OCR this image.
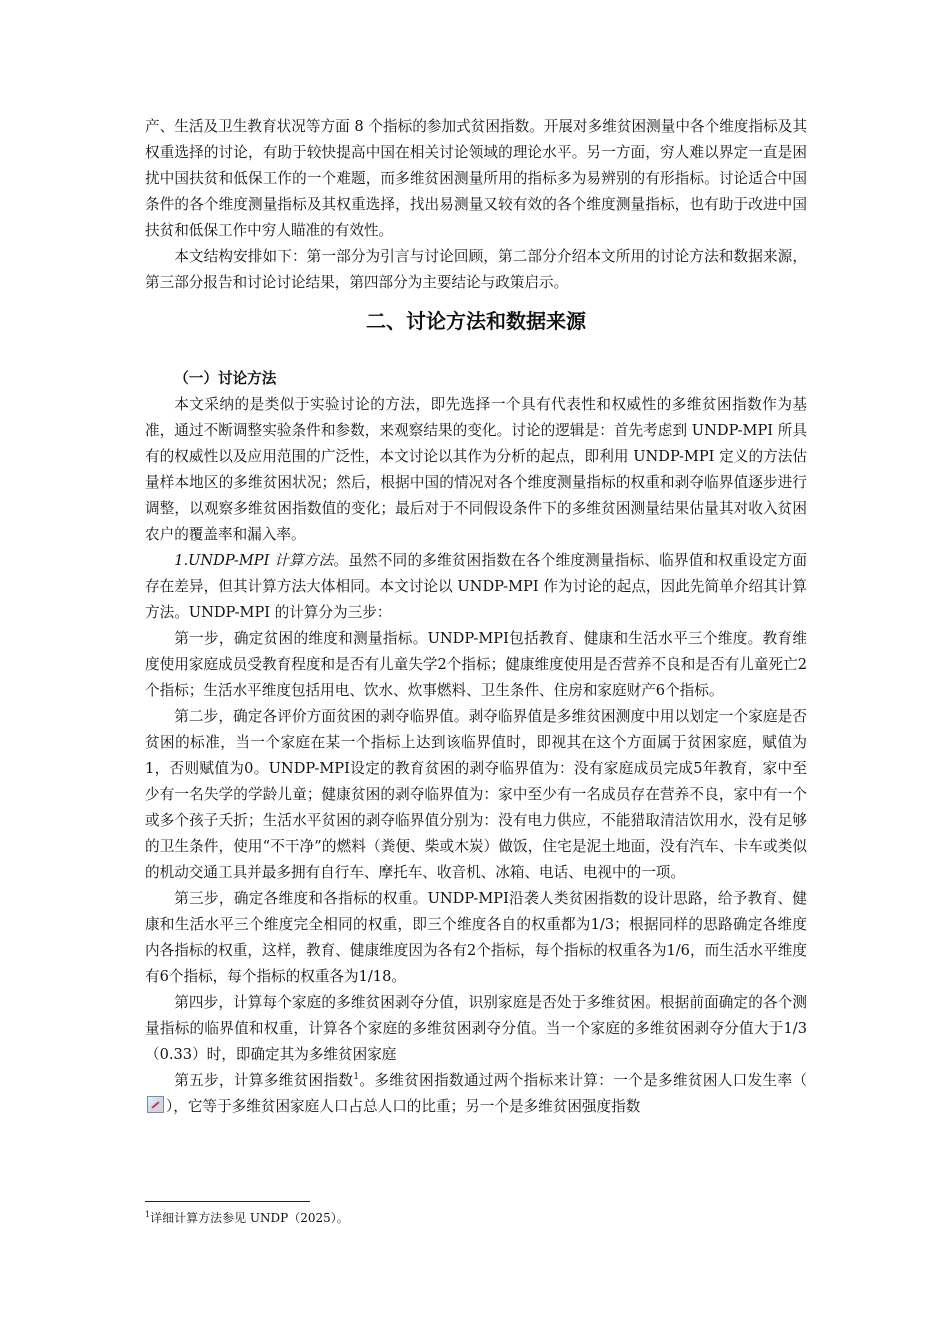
产、生活及卫生教育状况等方面 8 个指标的参加式贫困指数。开展对多维贫困测量中各个维度指标及其权重选择的讨论，有助于较快提高中国在相关讨论领域的理论水平。另一方面，穷人难以界定一直是困扰中国扶贫和低保工作的一个难题，而多维贫困测量所用的指标多为易辨别的有形指标。讨论适合中国条件的各个维度测量指标及其权重选择，找出易测量又较有效的各个维度测量指标，也有助于改进中国扶贫和低保工作中穷人瞄准的有效性。

本文结构安排如下：第一部分为引言与讨论回顾，第二部分介绍本文所用的讨论方法和数据来源，第三部分报告和讨论讨论结果，第四部分为主要结论与政策启示。

二、讨论方法和数据来源
（一）讨论方法

本文采纳的是类似于实验讨论的方法，即先选择一个具有代表性和权威性的多维贫困指数作为基准，通过不断调整实验条件和参数，来观察结果的变化。讨论的逻辑是：首先考虑到 UNDP-MPI 所具有的权威性以及应用范围的广泛性，本文讨论以其作为分析的起点，即利用 UNDP-MPI 定义的方法估量样本地区的多维贫困状况；然后，根据中国的情况对各个维度测量指标的权重和剥夺临界值逐步进行调整，以观察多维贫困指数值的变化；最后对于不同假设条件下的多维贫困测量结果估量其对收入贫困农户的覆盖率和漏入率。

1.UNDP-MPI 计算方法。虽然不同的多维贫困指数在各个维度测量指标、临界值和权重设定方面存在差异，但其计算方法大体相同。本文讨论以 UNDP-MPI 作为讨论的起点，因此先简单介绍其计算方法。UNDP-MPI 的计算分为三步：

第一步，确定贫困的维度和测量指标。UNDP-MPI包括教育、健康和生活水平三个维度。教育维度使用家庭成员受教育程度和是否有儿童失学2个指标；健康维度使用是否营养不良和是否有儿童死亡2个指标；生活水平维度包括用电、饮水、炊事燃料、卫生条件、住房和家庭财产6个指标。

第二步，确定各评价方面贫困的剥夺临界值。剥夺临界值是多维贫困测度中用以划定一个家庭是否贫困的标准，当一个家庭在某一个指标上达到该临界值时，即视其在这个方面属于贫困家庭，赋值为1，否则赋值为0。UNDP-MPI设定的教育贫困的剥夺临界值为：没有家庭成员完成5年教育，家中至少有一名失学的学龄儿童；健康贫困的剥夺临界值为：家中至少有一名成员存在营养不良，家中有一个或多个孩子夭折；生活水平贫困的剥夺临界值分别为：没有电力供应，不能猎取清洁饮用水，没有足够的卫生条件，使用“不干净”的燃料（粪便、柴或木炭）做饭，住宅是泥土地面，没有汽车、卡车或类似的机动交通工具并最多拥有自行车、摩托车、收音机、冰箱、电话、电视中的一项。

第三步，确定各维度和各指标的权重。UNDP-MPI沿袭人类贫困指数的设计思路，给予教育、健康和生活水平三个维度完全相同的权重，即三个维度各自的权重都为1/3；根据同样的思路确定各维度内各指标的权重，这样，教育、健康维度因为各有2个指标，每个指标的权重各为1/6，而生活水平维度有6个指标，每个指标的权重各为1/18。

第四步，计算每个家庭的多维贫困剥夺分值，识别家庭是否处于多维贫困。根据前面确定的各个测量指标的临界值和权重，计算各个家庭的多维贫困剥夺分值。当一个家庭的多维贫困剥夺分值大于1/3（0.33）时，即确定其为多维贫困家庭

第五步，计算多维贫困指数$^1$。多维贫困指数通过两个指标来计算：一个是多维贫困人口发生率（），它等于多维贫困家庭人口占总人口的比重；另一个是多维贫困强度指数

$^1$详细计算方法参见 UNDP（2025）。
